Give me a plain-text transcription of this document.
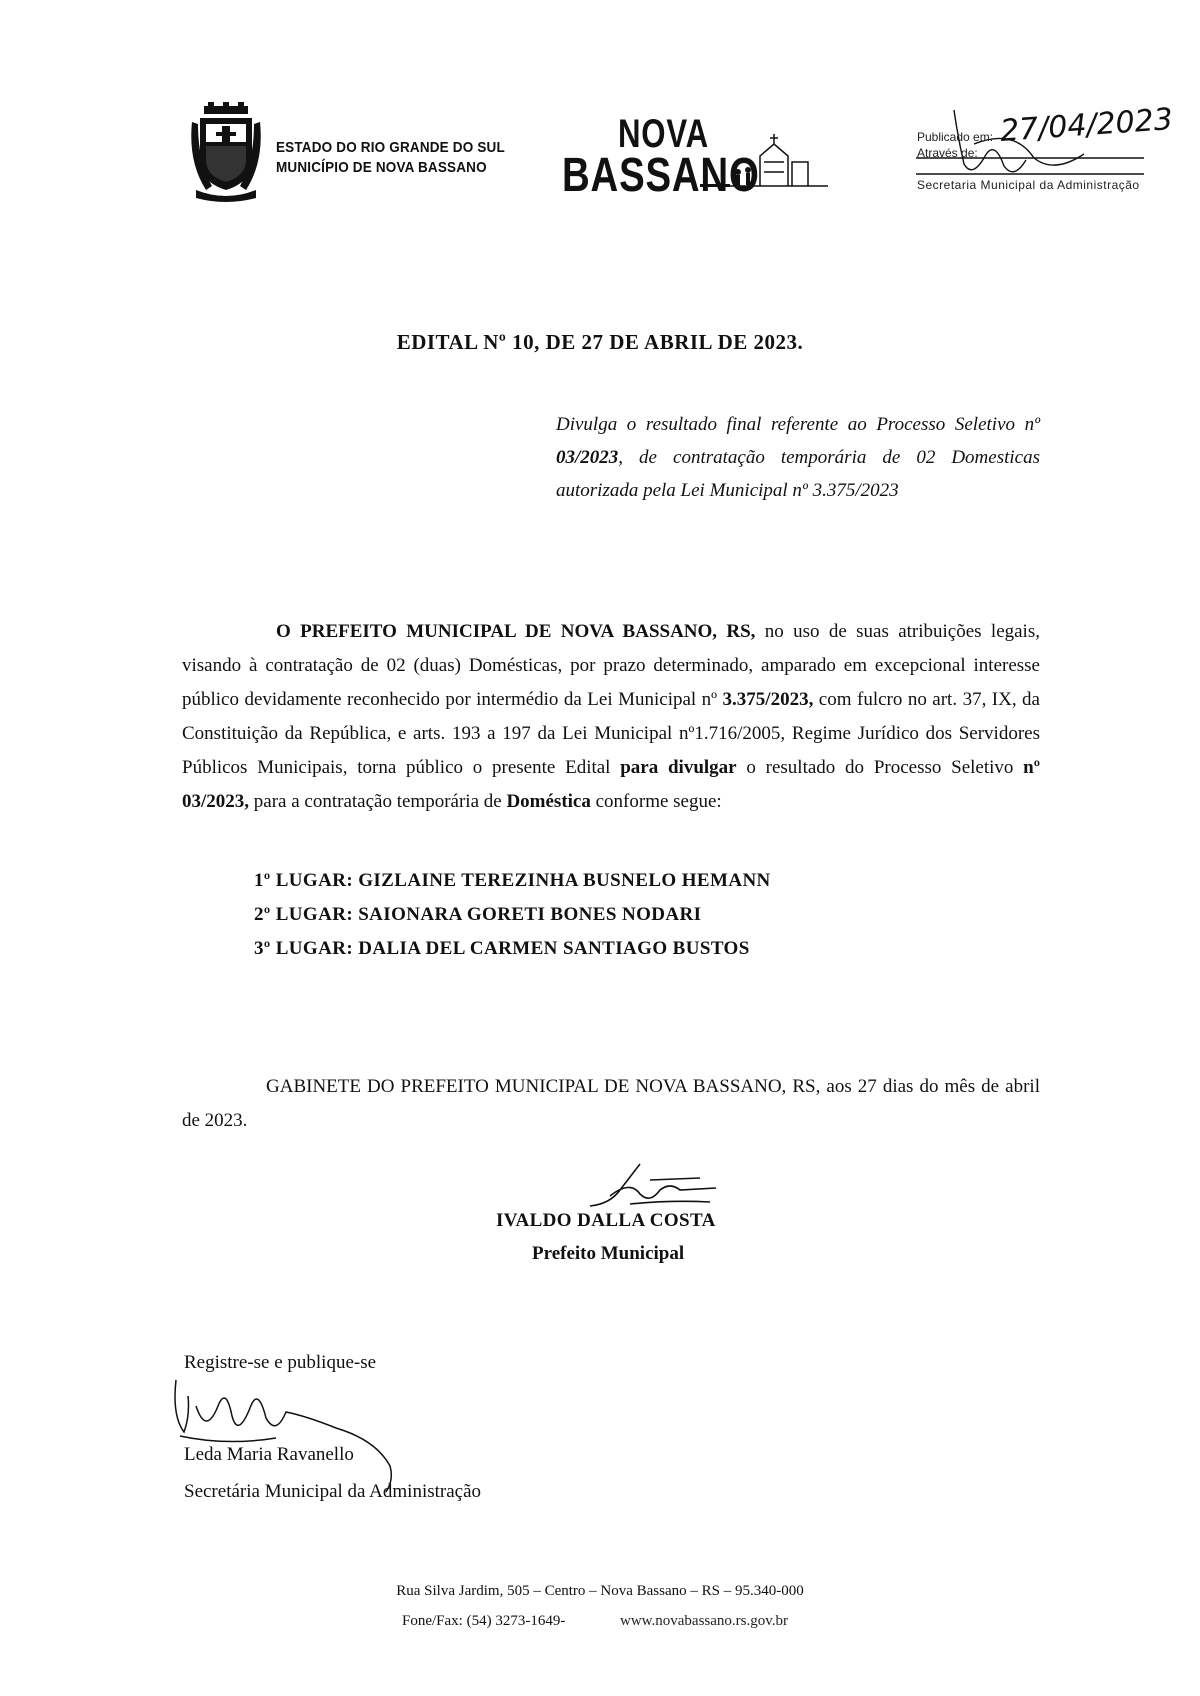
ESTADO DO RIO GRANDE DO SUL
MUNICÍPIO DE NOVA BASSANO
NOVA
BASSANO
Publicado em:
Através de:
27/04/2023
Secretaria Municipal da Administração
EDITAL Nº 10, DE 27 DE ABRIL DE 2023.
Divulga o resultado final referente ao Processo Seletivo nº 03/2023, de contratação temporária de 02 Domesticas autorizada pela Lei Municipal nº 3.375/2023
O PREFEITO MUNICIPAL DE NOVA BASSANO, RS, no uso de suas atribuições legais, visando à contratação de 02 (duas) Domésticas, por prazo determinado, amparado em excepcional interesse público devidamente reconhecido por intermédio da Lei Municipal nº 3.375/2023, com fulcro no art. 37, IX, da Constituição da República, e arts. 193 a 197 da Lei Municipal nº1.716/2005, Regime Jurídico dos Servidores Públicos Municipais, torna público o presente Edital para divulgar o resultado do Processo Seletivo nº 03/2023, para a contratação temporária de Doméstica conforme segue:
1º LUGAR: GIZLAINE TEREZINHA BUSNELO HEMANN
2º LUGAR: SAIONARA GORETI BONES NODARI
3º LUGAR: DALIA DEL CARMEN SANTIAGO BUSTOS
GABINETE DO PREFEITO MUNICIPAL DE NOVA BASSANO, RS, aos 27 dias do mês de abril de 2023.
IVALDO DALLA COSTA
Prefeito Municipal
Registre-se e publique-se
Leda Maria Ravanello
Secretária Municipal da Administração
Rua Silva Jardim, 505 – Centro – Nova Bassano – RS – 95.340-000
Fone/Fax: (54) 3273-1649-	www.novabassano.rs.gov.br
